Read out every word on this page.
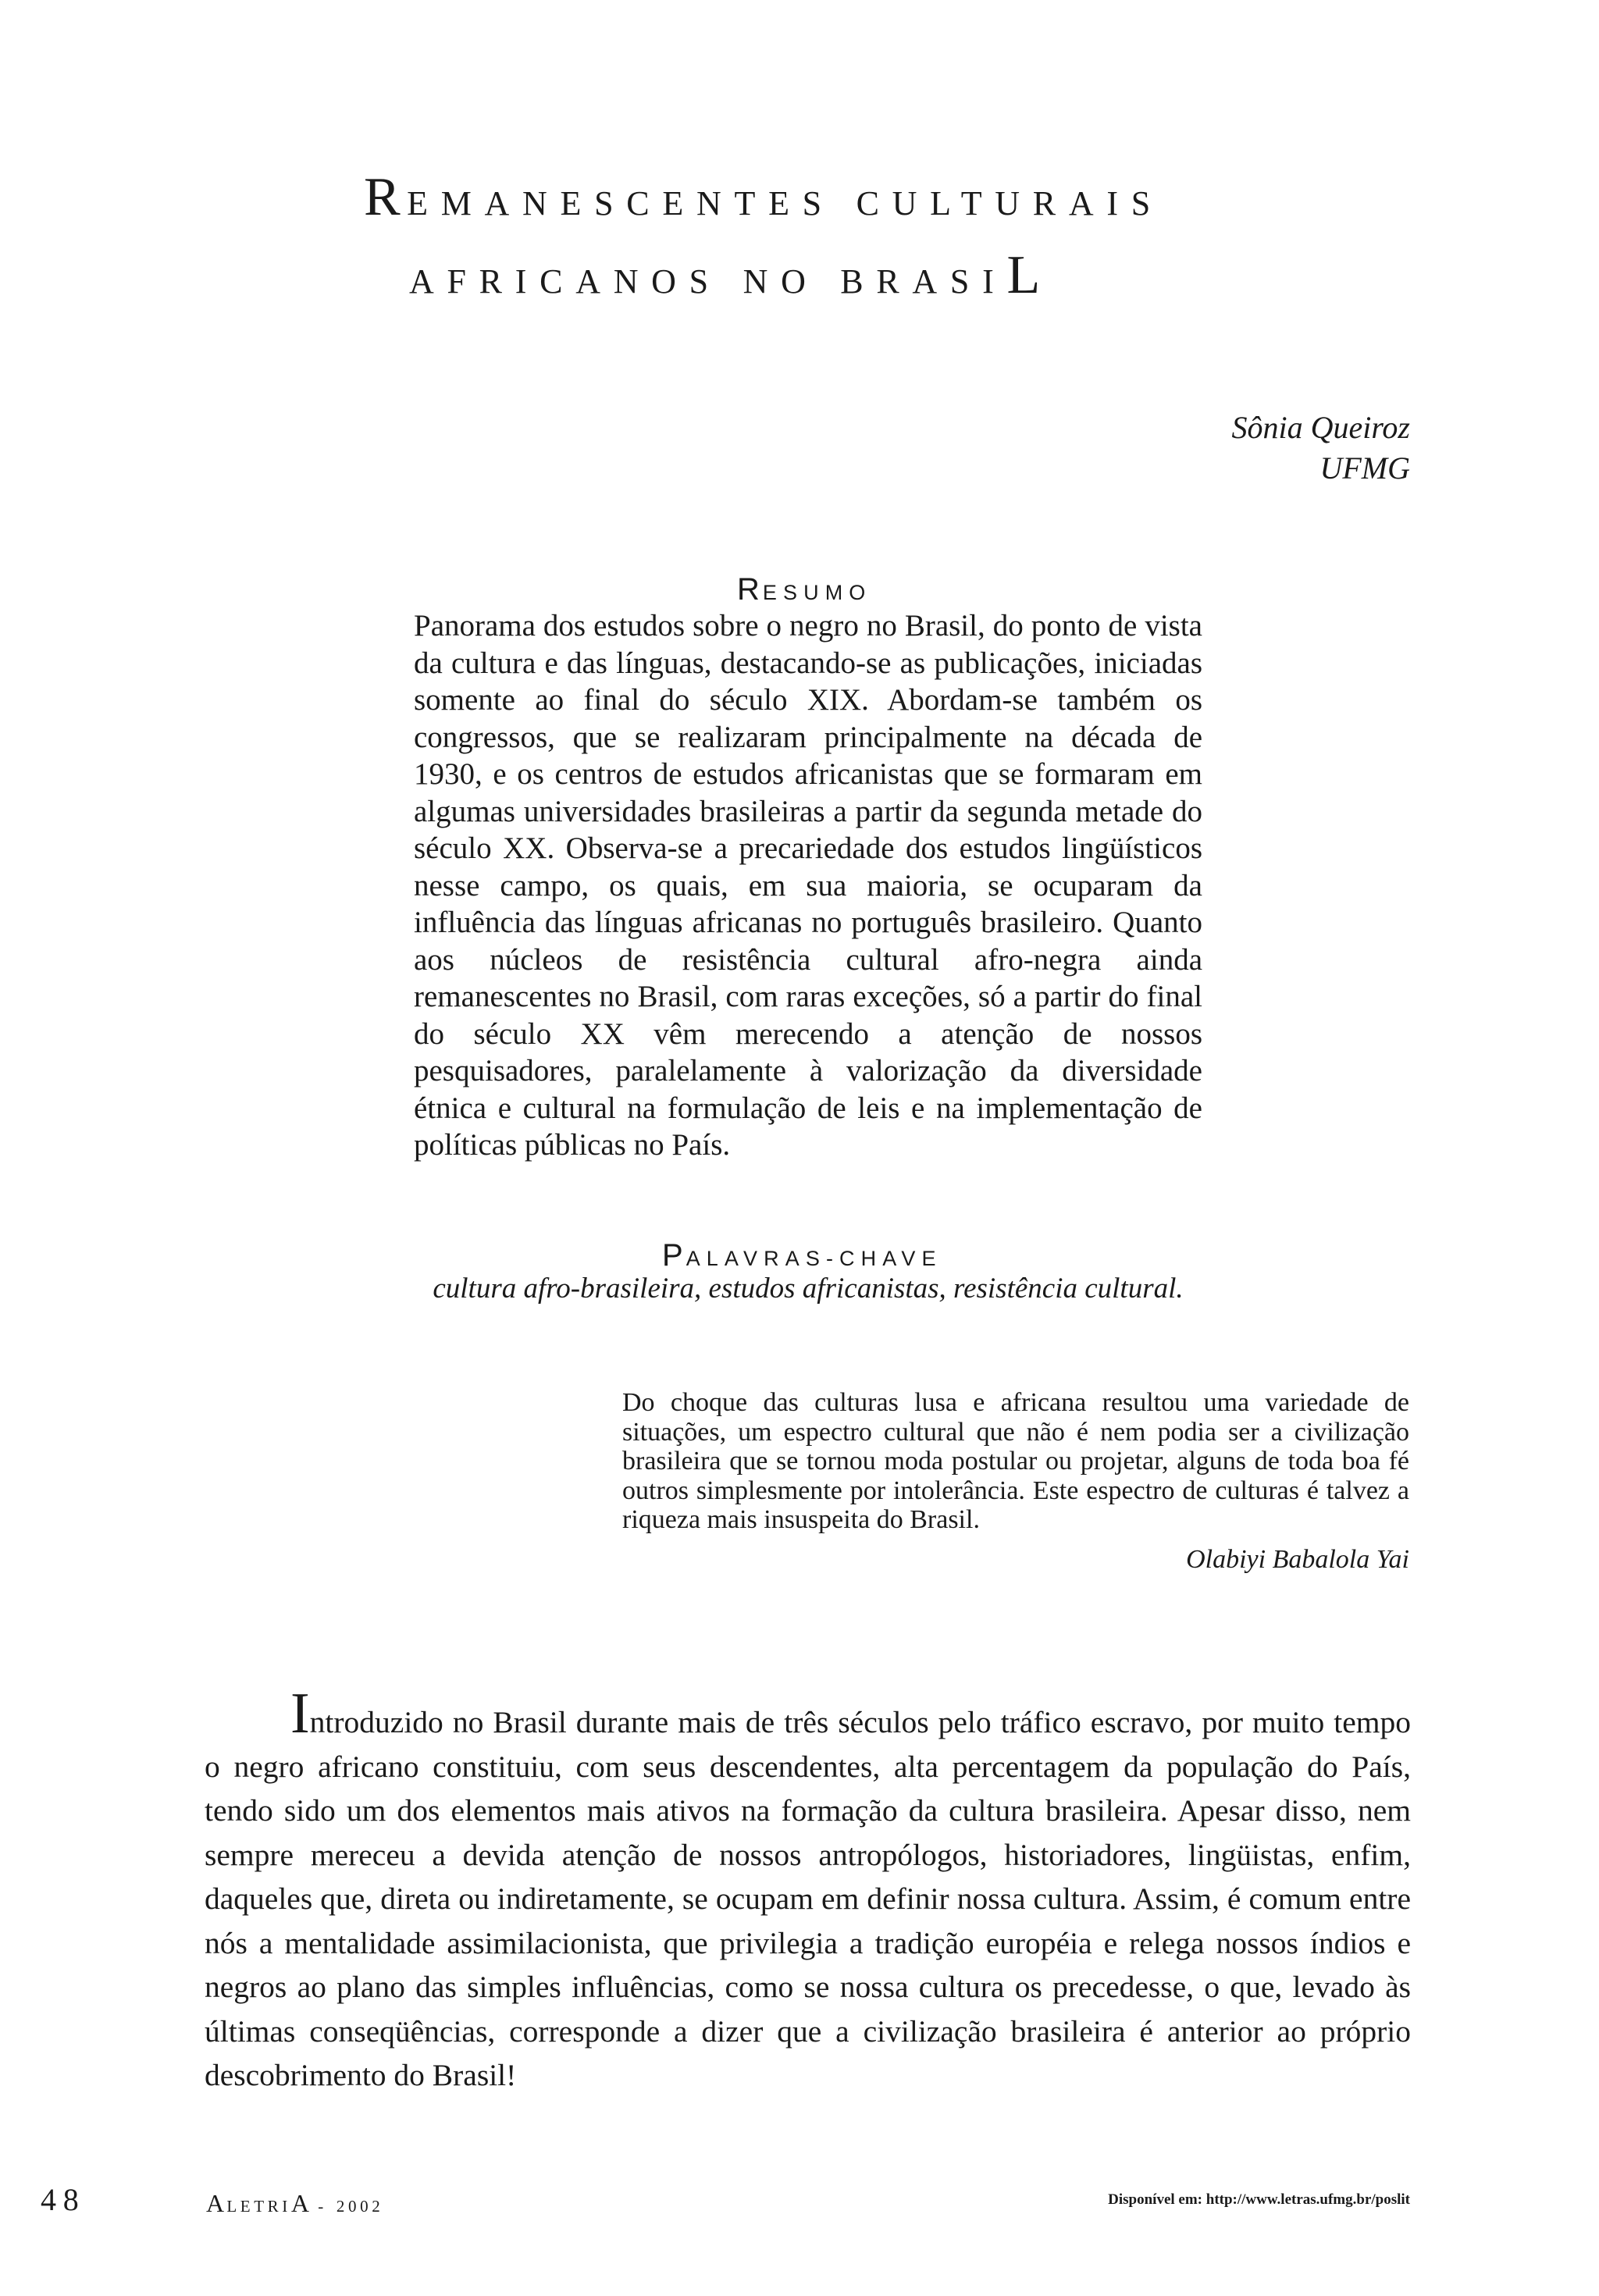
REMANESCENTES CULTURAIS
AFRICANOS NO BRASIL
Sônia Queiroz
UFMG
RESUMO

Panorama dos estudos sobre o negro no Brasil, do ponto de vista da cultura e das línguas, destacando-se as publicações, iniciadas somente ao final do século XIX. Abordam-se também os congressos, que se realizaram principalmente na década de 1930, e os centros de estudos africanistas que se formaram em algumas universidades brasileiras a partir da segunda metade do século XX. Observa-se a precariedade dos estudos lingüísticos nesse campo, os quais, em sua maioria, se ocuparam da influência das línguas africanas no português brasileiro. Quanto aos núcleos de resistência cultural afro-negra ainda remanescentes no Brasil, com raras exceções, só a partir do final do século XX vêm merecendo a atenção de nossos pesquisadores, paralelamente à valorização da diversidade étnica e cultural na formulação de leis e na implementação de políticas públicas no País.

PALAVRAS-CHAVE

cultura afro-brasileira, estudos africanistas, resistência cultural.

Do choque das culturas lusa e africana resultou uma variedade de situações, um espectro cultural que não é nem podia ser a civilização brasileira que se tornou moda postular ou projetar, alguns de toda boa fé outros simplesmente por intolerância. Este espectro de culturas é talvez a riqueza mais insuspeita do Brasil.

Olabiyi Babalola Yai

Introduzido no Brasil durante mais de três séculos pelo tráfico escravo, por muito tempo o negro africano constituiu, com seus descendentes, alta percentagem da população do País, tendo sido um dos elementos mais ativos na formação da cultura brasileira. Apesar disso, nem sempre mereceu a devida atenção de nossos antropólogos, historiadores, lingüistas, enfim, daqueles que, direta ou indiretamente, se ocupam em definir nossa cultura. Assim, é comum entre nós a mentalidade assimilacionista, que privilegia a tradição européia e relega nossos índios e negros ao plano das simples influências, como se nossa cultura os precedesse, o que, levado às últimas conseqüências, corresponde a dizer que a civilização brasileira é anterior ao próprio descobrimento do Brasil!

48	ALETRIA - 2002	Disponível em: http://www.letras.ufmg.br/poslit
